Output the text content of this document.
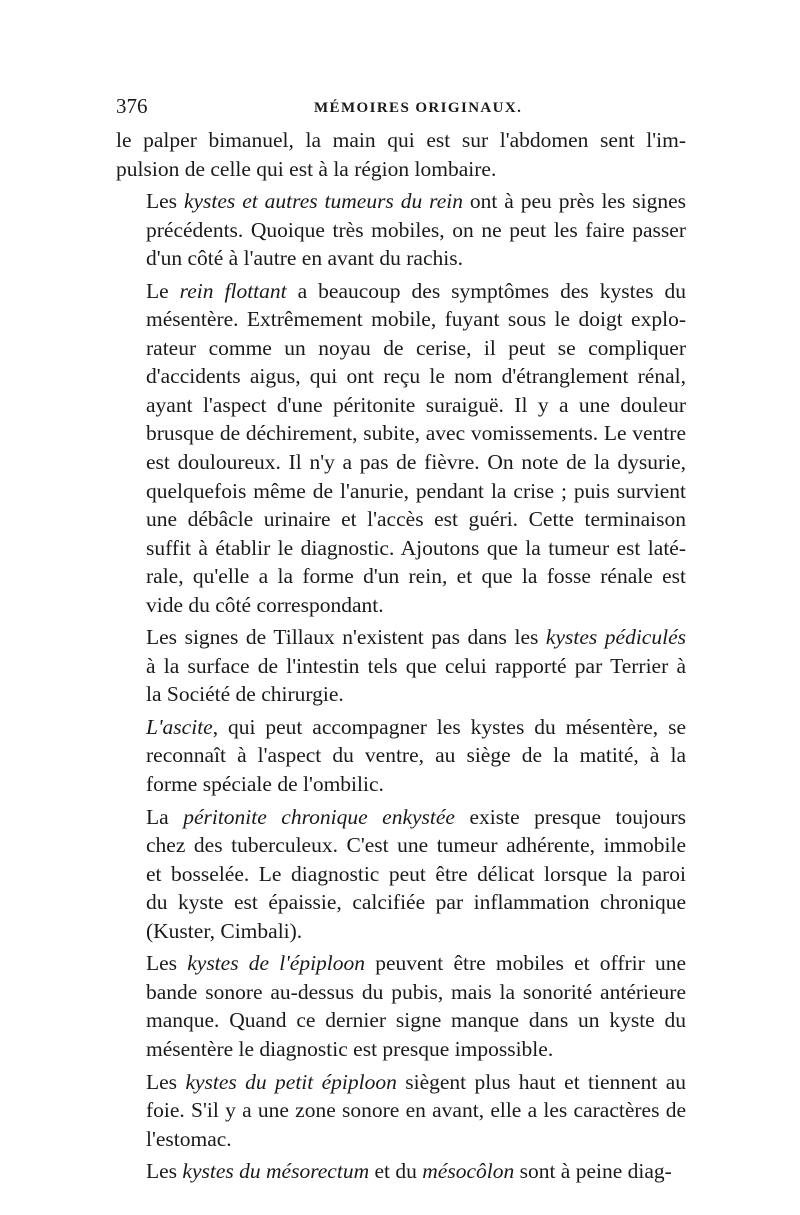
376	MÉMOIRES ORIGINAUX.

le palper bimanuel, la main qui est sur l'abdomen sent l'im-
pulsion de celle qui est à la région lombaire.

Les kystes et autres tumeurs du rein ont à peu près les signes
précédents. Quoique très mobiles, on ne peut les faire passer
d'un côté à l'autre en avant du rachis.

Le rein flottant a beaucoup des symptômes des kystes du
mésentère. Extrêmement mobile, fuyant sous le doigt explo-
rateur comme un noyau de cerise, il peut se compliquer
d'accidents aigus, qui ont reçu le nom d'étranglement rénal,
ayant l'aspect d'une péritonite suraiguë. Il y a une douleur
brusque de déchirement, subite, avec vomissements. Le ventre
est douloureux. Il n'y a pas de fièvre. On note de la dysurie,
quelquefois même de l'anurie, pendant la crise ; puis survient
une débâcle urinaire et l'accès est guéri. Cette terminaison
suffit à établir le diagnostic. Ajoutons que la tumeur est laté-
rale, qu'elle a la forme d'un rein, et que la fosse rénale est
vide du côté correspondant.

Les signes de Tillaux n'existent pas dans les kystes pédiculés
à la surface de l'intestin tels que celui rapporté par Terrier à
la Société de chirurgie.

L'ascite, qui peut accompagner les kystes du mésentère, se
reconnaît à l'aspect du ventre, au siège de la matité, à la
forme spéciale de l'ombilic.

La péritonite chronique enkystée existe presque toujours
chez des tuberculeux. C'est une tumeur adhérente, immobile
et bosselée. Le diagnostic peut être délicat lorsque la paroi
du kyste est épaissie, calcifiée par inflammation chronique
(Kuster, Cimbali).

Les kystes de l'épiploon peuvent être mobiles et offrir une
bande sonore au-dessus du pubis, mais la sonorité antérieure
manque. Quand ce dernier signe manque dans un kyste du
mésentère le diagnostic est presque impossible.

Les kystes du petit épiploon siègent plus haut et tiennent au
foie. S'il y a une zone sonore en avant, elle a les caractères de
l'estomac.

Les kystes du mésorectum et du mésocôlon sont à peine diag-
